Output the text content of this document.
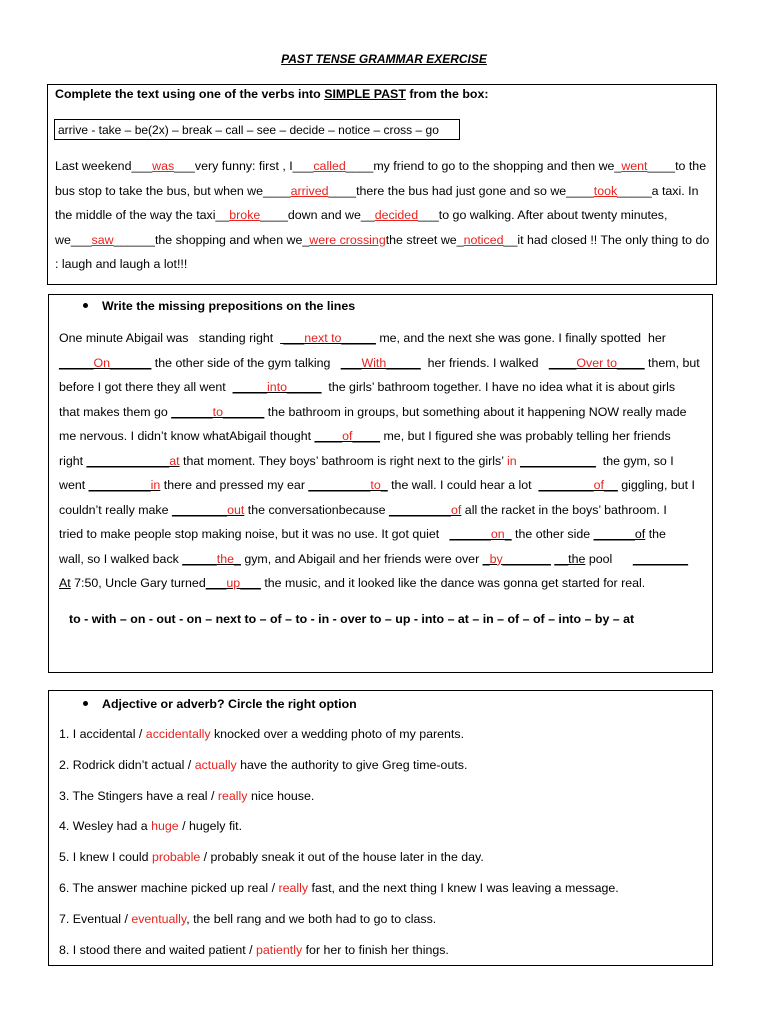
PAST TENSE GRAMMAR EXERCISE
Complete the text using one of the verbs into SIMPLE PAST from the box:
arrive - take – be(2x) – break – call – see – decide – notice – cross – go
Last weekend___was___very funny: first , I___called____my friend to go to the shopping and then we_went____to the bus stop to take the bus, but when we____arrived____there the bus had just gone and so we____took_____a taxi. In the middle of the way the taxi__broke____down and we__decided___to go walking. After about twenty minutes, we___saw______the shopping and when we_were crossingthe street we_noticed__it had closed !! The only thing to do : laugh and laugh a lot!!!
Write the missing prepositions on the lines
One minute Abigail was   standing right   ___next to_____ me, and the next she was gone. I finally spotted  her
_____On______ the other side of the gym talking   ___With_____  her friends. I walked   ____Over to____ them, but
before I got there they all went  _____into_____  the girls’ bathroom together. I have no idea what it is about girls
that makes them go ______to______ the bathroom in groups, but something about it happening NOW really made
me nervous. I didn’t know whatAbigail thought ____of____ me, but I figured she was probably telling her friends
right ____________at that moment. They boys’ bathroom is right next to the girls’ in ___________  the gym, so I
went _________in there and pressed my ear _________to_ the wall. I could hear a lot  ________of__ giggling, but I
couldn’t really make ________out the conversationbecause _________of all the racket in the boys’ bathroom. I
tried to make people stop making noise, but it was no use. It got quiet   ______on_ the other side ______of the
wall, so I walked back _____the_ gym, and Abigail and her friends were over _by_______ __the pool      ________
At 7:50, Uncle Gary turned___up___ the music, and it looked like the dance was gonna get started for real.
to - with – on - out - on – next to – of – to - in - over to – up - into – at – in – of – of – into – by – at
Adjective or adverb? Circle the right option
1. I accidental / accidentally knocked over a wedding photo of my parents.
2. Rodrick didn’t actual / actually have the authority to give Greg time-outs.
3. The Stingers have a real / really nice house.
4. Wesley had a huge / hugely fit.
5. I knew I could probable / probably sneak it out of the house later in the day.
6. The answer machine picked up real / really fast, and the next thing I knew I was leaving a message.
7. Eventual / eventually, the bell rang and we both had to go to class.
8. I stood there and waited patient / patiently for her to finish her things.
